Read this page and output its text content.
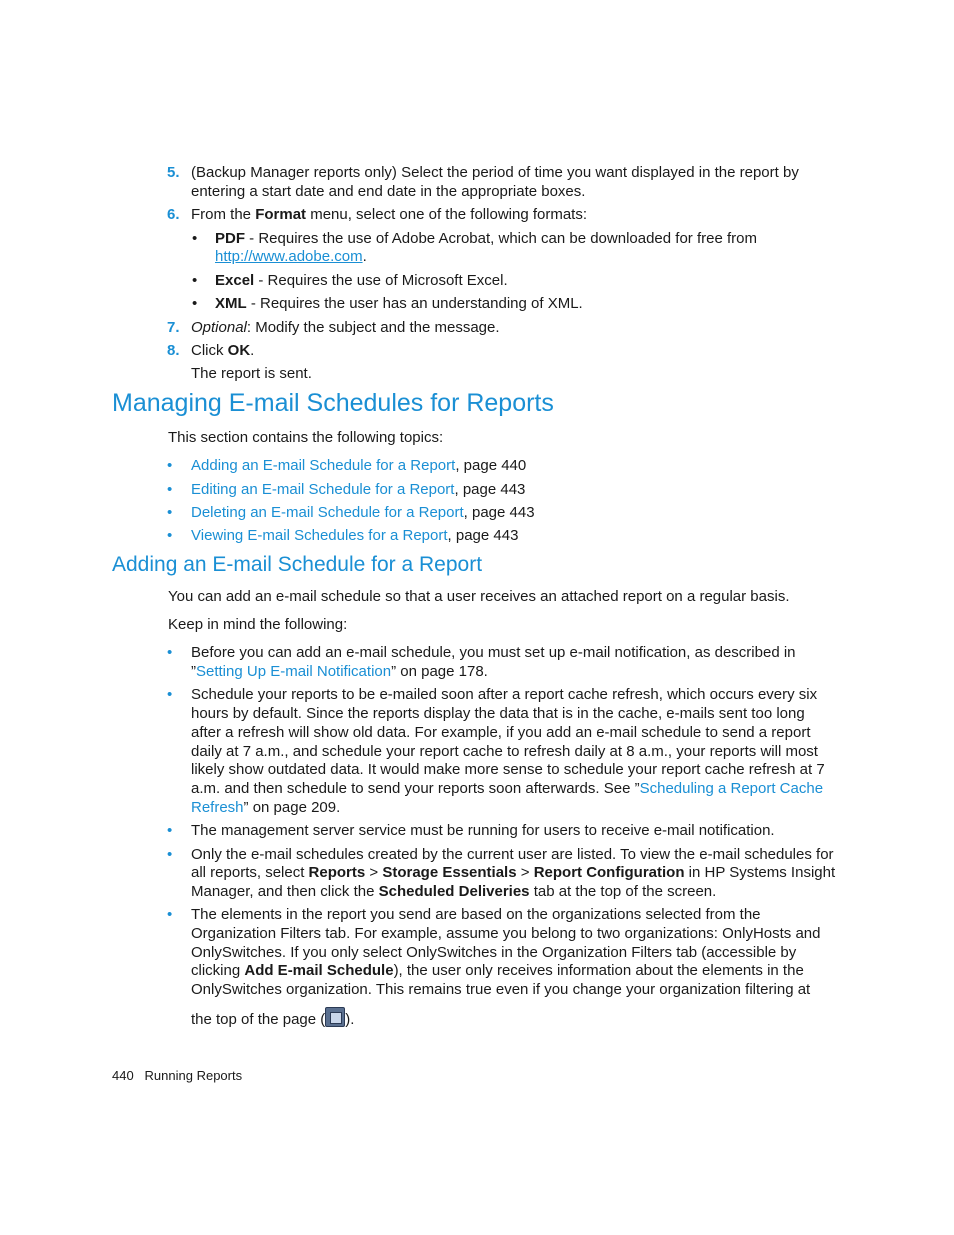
5. (Backup Manager reports only) Select the period of time you want displayed in the report by
entering a start date and end date in the appropriate boxes.
6. From the Format menu, select one of the following formats:
• PDF - Requires the use of Adobe Acrobat, which can be downloaded for free from
http://www.adobe.com.
• Excel - Requires the use of Microsoft Excel.
• XML - Requires the user has an understanding of XML.
7. Optional: Modify the subject and the message.
8. Click OK.
The report is sent.
Managing E-mail Schedules for Reports
This section contains the following topics:
• Adding an E-mail Schedule for a Report, page 440
• Editing an E-mail Schedule for a Report, page 443
• Deleting an E-mail Schedule for a Report, page 443
• Viewing E-mail Schedules for a Report, page 443
Adding an E-mail Schedule for a Report
You can add an e-mail schedule so that a user receives an attached report on a regular basis.
Keep in mind the following:
• Before you can add an e-mail schedule, you must set up e-mail notification, as described in
”Setting Up E-mail Notification” on page 178.
• Schedule your reports to be e-mailed soon after a report cache refresh, which occurs every six
hours by default. Since the reports display the data that is in the cache, e-mails sent too long
after a refresh will show old data. For example, if you add an e-mail schedule to send a report
daily at 7 a.m., and schedule your report cache to refresh daily at 8 a.m., your reports will most
likely show outdated data. It would make more sense to schedule your report cache refresh at 7
a.m. and then schedule to send your reports soon afterwards. See ”Scheduling a Report Cache
Refresh” on page 209.
• The management server service must be running for users to receive e-mail notification.
• Only the e-mail schedules created by the current user are listed. To view the e-mail schedules for
all reports, select Reports > Storage Essentials > Report Configuration in HP Systems Insight
Manager, and then click the Scheduled Deliveries tab at the top of the screen.
• The elements in the report you send are based on the organizations selected from the
Organization Filters tab. For example, assume you belong to two organizations: OnlyHosts and
OnlySwitches. If you only select OnlySwitches in the Organization Filters tab (accessible by
clicking Add E-mail Schedule), the user only receives information about the elements in the
OnlySwitches organization. This remains true even if you change your organization filtering at
the top of the page ( ).
440 Running Reports
